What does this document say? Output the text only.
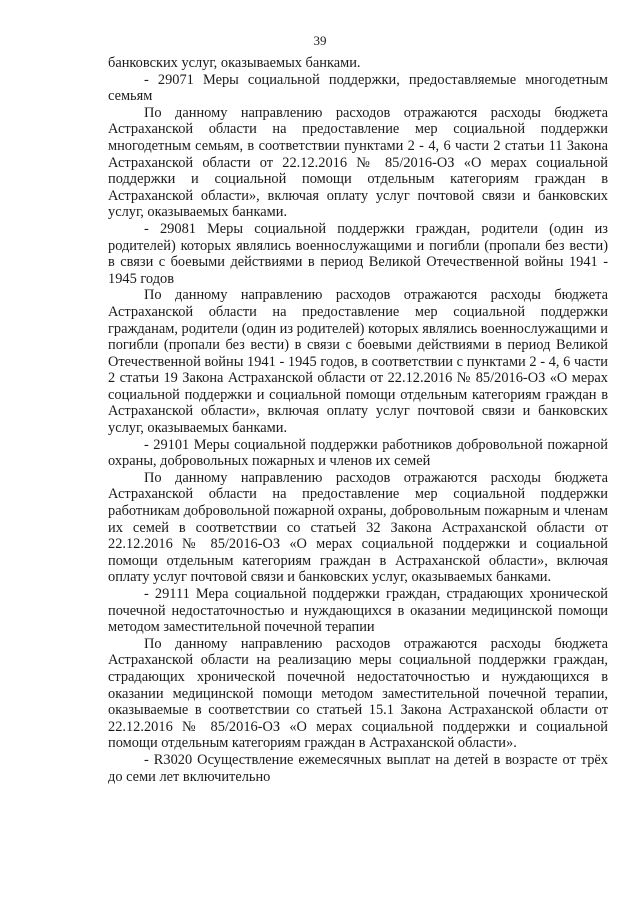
39

банковских услуг, оказываемых банками.

- 29071 Меры социальной поддержки, предоставляемые многодетным семьям

По данному направлению расходов отражаются расходы бюджета Астраханской области на предоставление мер социальной поддержки многодетным семьям, в соответствии пунктами 2 - 4, 6 части 2 статьи 11 Закона Астраханской области от 22.12.2016 № 85/2016-ОЗ «О мерах социальной поддержки и социальной помощи отдельным категориям граждан в Астраханской области», включая оплату услуг почтовой связи и банковских услуг, оказываемых банками.

- 29081 Меры социальной поддержки граждан, родители (один из родителей) которых являлись военнослужащими и погибли (пропали без вести) в связи с боевыми действиями в период Великой Отечественной войны 1941 - 1945 годов

По данному направлению расходов отражаются расходы бюджета Астраханской области на предоставление мер социальной поддержки гражданам, родители (один из родителей) которых являлись военнослужащими и погибли (пропали без вести) в связи с боевыми действиями в период Великой Отечественной войны 1941 - 1945 годов, в соответствии с пунктами 2 - 4, 6 части 2 статьи 19 Закона Астраханской области от 22.12.2016 № 85/2016-ОЗ «О мерах социальной поддержки и социальной помощи отдельным категориям граждан в Астраханской области», включая оплату услуг почтовой связи и банковских услуг, оказываемых банками.

- 29101 Меры социальной поддержки работников добровольной пожарной охраны, добровольных пожарных и членов их семей

По данному направлению расходов отражаются расходы бюджета Астраханской области на предоставление мер социальной поддержки работникам добровольной пожарной охраны, добровольным пожарным и членам их семей в соответствии со статьей 32 Закона Астраханской области от 22.12.2016 № 85/2016-ОЗ «О мерах социальной поддержки и социальной помощи отдельным категориям граждан в Астраханской области», включая оплату услуг почтовой связи и банковских услуг, оказываемых банками.

- 29111 Мера социальной поддержки граждан, страдающих хронической почечной недостаточностью и нуждающихся в оказании медицинской помощи методом заместительной почечной терапии

По данному направлению расходов отражаются расходы бюджета Астраханской области на реализацию меры социальной поддержки граждан, страдающих хронической почечной недостаточностью и нуждающихся в оказании медицинской помощи методом заместительной почечной терапии, оказываемые в соответствии со статьей 15.1 Закона Астраханской области от 22.12.2016 № 85/2016-ОЗ «О мерах социальной поддержки и социальной помощи отдельным категориям граждан в Астраханской области».

- R3020 Осуществление ежемесячных выплат на детей в возрасте от трёх до семи лет включительно
